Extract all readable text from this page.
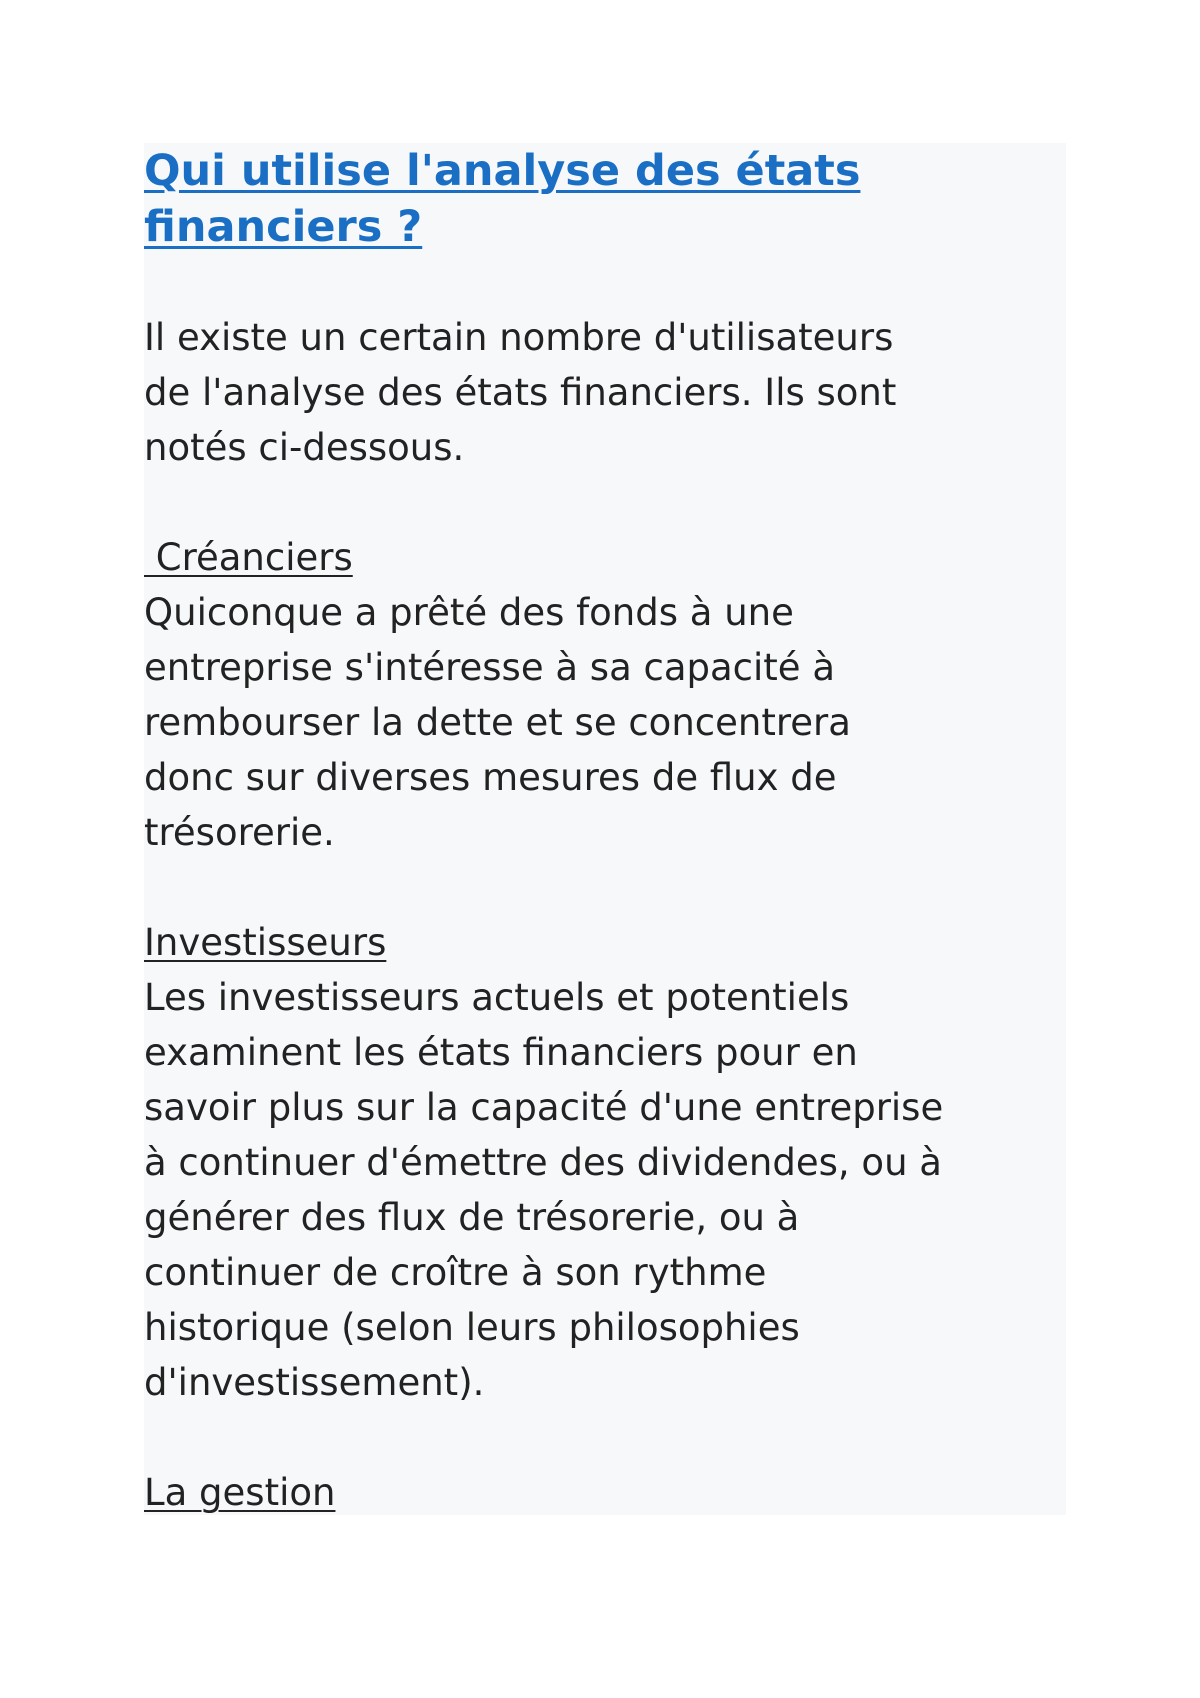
Qui utilise l'analyse des états
financiers ?
Il existe un certain nombre d'utilisateurs
de l'analyse des états financiers. Ils sont
notés ci-dessous.
Créanciers
Quiconque a prêté des fonds à une
entreprise s'intéresse à sa capacité à
rembourser la dette et se concentrera
donc sur diverses mesures de flux de
trésorerie.
Investisseurs
Les investisseurs actuels et potentiels
examinent les états financiers pour en
savoir plus sur la capacité d'une entreprise
à continuer d'émettre des dividendes, ou à
générer des flux de trésorerie, ou à
continuer de croître à son rythme
historique (selon leurs philosophies
d'investissement).
La gestion
